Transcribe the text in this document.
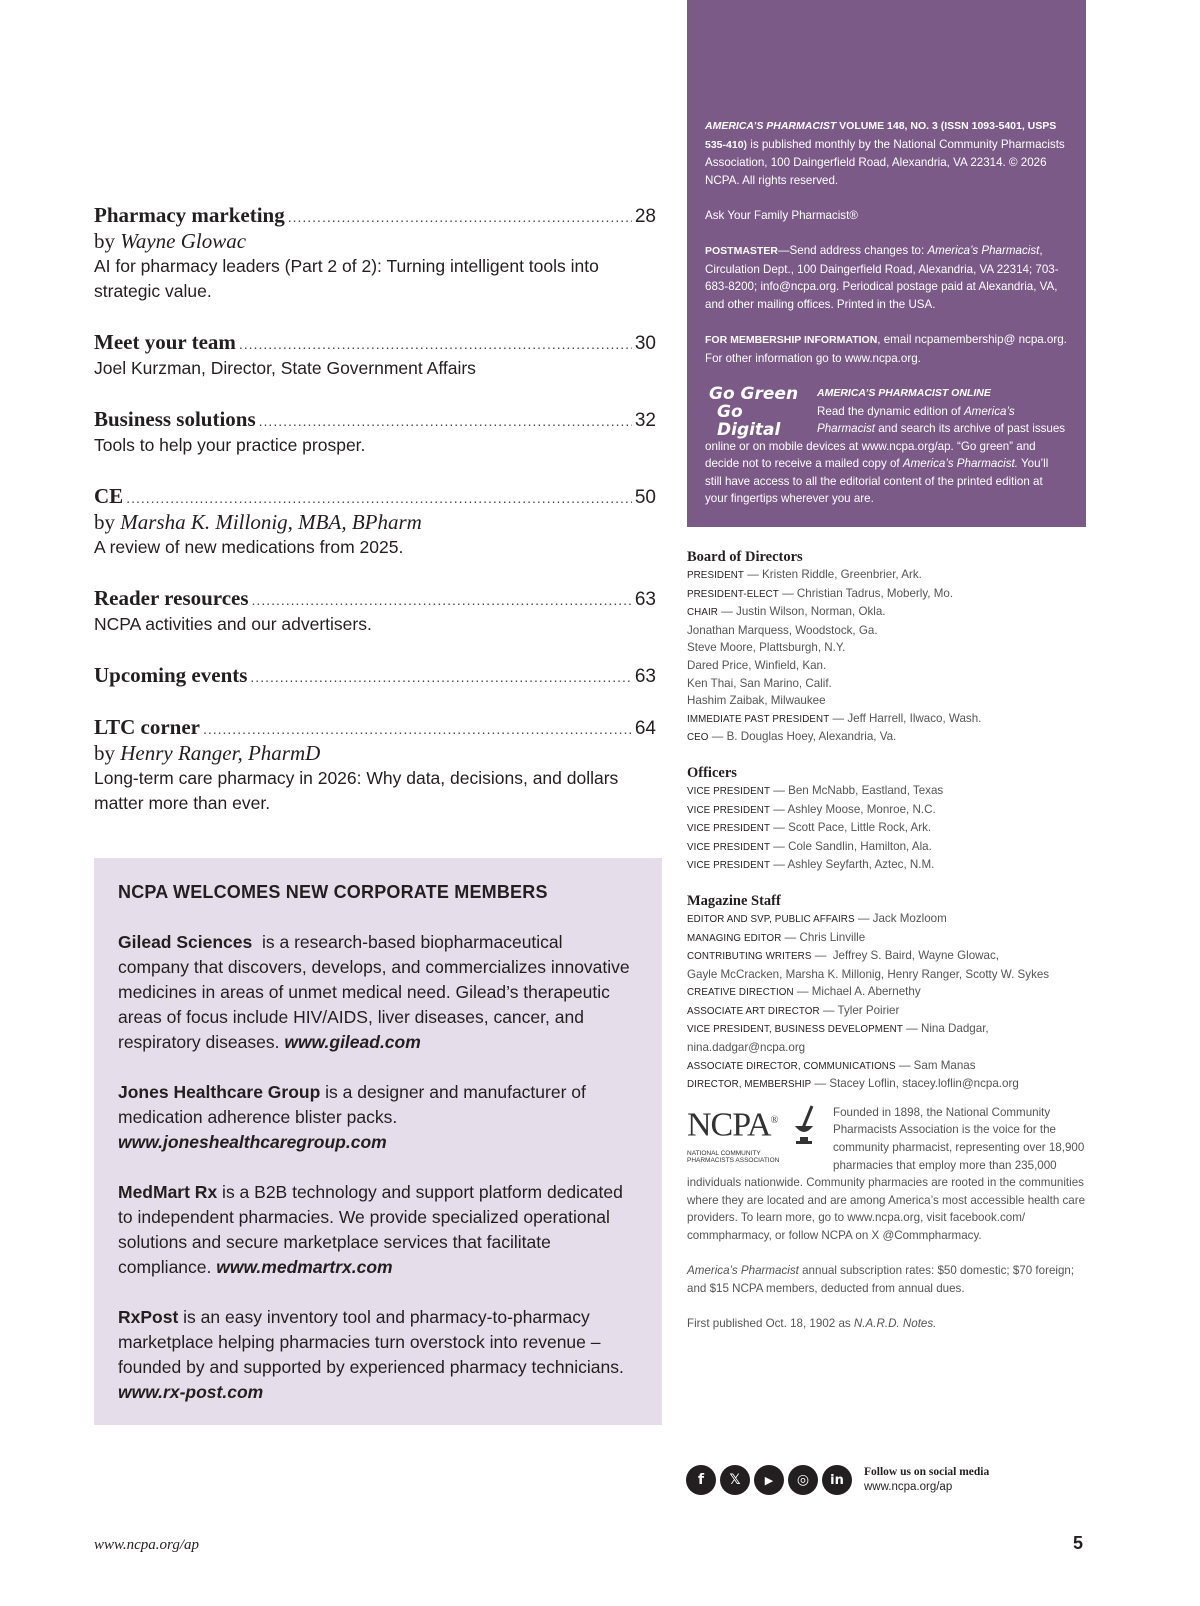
Pharmacy marketing .....	28
by Wayne Glowac
AI for pharmacy leaders (Part 2 of 2): Turning intelligent tools into strategic value.
Meet your team .....	30
Joel Kurzman, Director, State Government Affairs
Business solutions .....	32
Tools to help your practice prosper.
CE .....	50
by Marsha K. Millonig, MBA, BPharm
A review of new medications from 2025.
Reader resources .....	63
NCPA activities and our advertisers.
Upcoming events .....	63
LTC corner .....	64
by Henry Ranger, PharmD
Long-term care pharmacy in 2026: Why data, decisions, and dollars matter more than ever.
NCPA WELCOMES NEW CORPORATE MEMBERS
Gilead Sciences  is a research-based biopharmaceutical company that discovers, develops, and commercializes innovative medicines in areas of unmet medical need. Gilead’s therapeutic areas of focus include HIV/AIDS, liver diseases, cancer, and respiratory diseases. www.gilead.com
Jones Healthcare Group is a designer and manufacturer of medication adherence blister packs. www.joneshealthcaregroup.com
MedMart Rx is a B2B technology and support platform dedicated to independent pharmacies. We provide specialized operational solutions and secure marketplace services that facilitate compliance. www.medmartrx.com
RxPost is an easy inventory tool and pharmacy-to-pharmacy marketplace helping pharmacies turn overstock into revenue – founded by and supported by experienced pharmacy technicians. www.rx-post.com

AMERICA’S PHARMACIST VOLUME 148, NO. 3 (ISSN 1093-5401, USPS 535-410) is published monthly by the National Community Pharmacists Association, 100 Daingerfield Road, Alexandria, VA 22314. © 2026 NCPA. All rights reserved.

Ask Your Family Pharmacist®

POSTMASTER—Send address changes to: America’s Pharmacist, Circulation Dept., 100 Daingerfield Road, Alexandria, VA 22314; 703-683-8200; info@ncpa.org. Periodical postage paid at Alexandria, VA, and other mailing offices. Printed in the USA.

FOR MEMBERSHIP INFORMATION, email ncpamembership@ ncpa.org. For other information go to www.ncpa.org.

Go Green
Go Digital
AMERICA’S PHARMACIST ONLINE
Read the dynamic edition of America’s Pharmacist and search its archive of past issues online or on mobile devices at www.ncpa.org/ap. “Go green” and decide not to receive a mailed copy of America’s Pharmacist. You’ll still have access to all the editorial content of the printed edition at your fingertips wherever you are.
Board of Directors
PRESIDENT — Kristen Riddle, Greenbrier, Ark.
PRESIDENT-ELECT — Christian Tadrus, Moberly, Mo.
CHAIR — Justin Wilson, Norman, Okla.
Jonathan Marquess, Woodstock, Ga.
Steve Moore, Plattsburgh, N.Y.
Dared Price, Winfield, Kan.
Ken Thai, San Marino, Calif.
Hashim Zaibak, Milwaukee
IMMEDIATE PAST PRESIDENT — Jeff Harrell, Ilwaco, Wash.
CEO — B. Douglas Hoey, Alexandria, Va.
Officers
VICE PRESIDENT — Ben McNabb, Eastland, Texas
VICE PRESIDENT — Ashley Moose, Monroe, N.C.
VICE PRESIDENT — Scott Pace, Little Rock, Ark.
VICE PRESIDENT — Cole Sandlin, Hamilton, Ala.
VICE PRESIDENT — Ashley Seyfarth, Aztec, N.M.
Magazine Staff
EDITOR AND SVP, PUBLIC AFFAIRS — Jack Mozloom
MANAGING EDITOR — Chris Linville
CONTRIBUTING WRITERS —  Jeffrey S. Baird, Wayne Glowac,
Gayle McCracken, Marsha K. Millonig, Henry Ranger, Scotty W. Sykes
CREATIVE DIRECTION — Michael A. Abernethy
ASSOCIATE ART DIRECTOR — Tyler Poirier
VICE PRESIDENT, BUSINESS DEVELOPMENT — Nina Dadgar,
nina.dadgar@ncpa.org
ASSOCIATE DIRECTOR, COMMUNICATIONS — Sam Manas
DIRECTOR, MEMBERSHIP — Stacey Loflin, stacey.loflin@ncpa.org
NCPA®
NATIONAL COMMUNITY
PHARMACISTS ASSOCIATION

Founded in 1898, the National Community Pharmacists Association is the voice for the community pharmacist, representing over 18,900 pharmacies that employ more than 235,000 individuals nationwide. Community pharmacies are rooted in the communities where they are located and are among America’s most accessible health care providers. To learn more, go to www.ncpa.org, visit facebook.com/ commpharmacy, or follow NCPA on X @Commpharmacy.

America’s Pharmacist annual subscription rates: $50 domestic; $70 foreign; and $15 NCPA members, deducted from annual dues.

First published Oct. 18, 1902 as N.A.R.D. Notes.

f	𝕏	▶	◎	in
Follow us on social media
www.ncpa.org/ap
www.ncpa.org/ap	5
